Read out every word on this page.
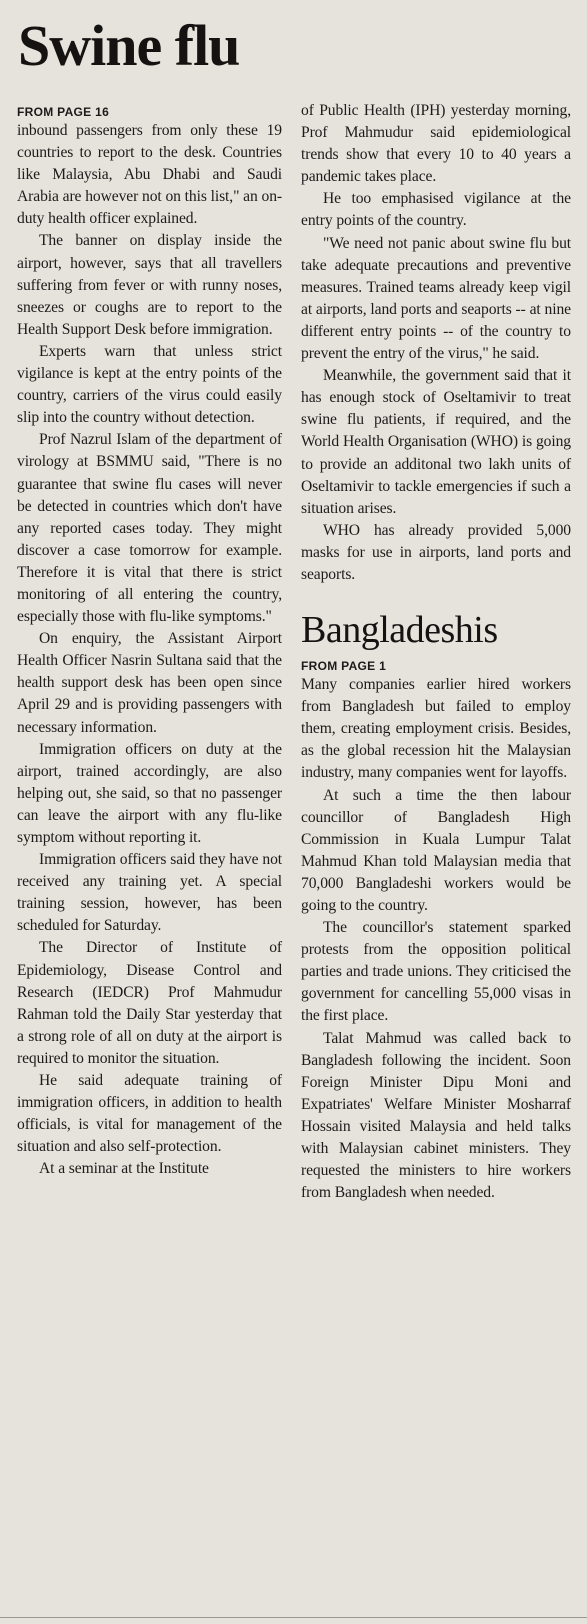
Swine flu
FROM PAGE 16

inbound passengers from only these 19 countries to report to the desk. Countries like Malaysia, Abu Dhabi and Saudi Arabia are however not on this list," an on-duty health officer explained.

The banner on display inside the airport, however, says that all travellers suffering from fever or with runny noses, sneezes or coughs are to report to the Health Support Desk before immigration.

Experts warn that unless strict vigilance is kept at the entry points of the country, carriers of the virus could easily slip into the country without detection.

Prof Nazrul Islam of the department of virology at BSMMU said, "There is no guarantee that swine flu cases will never be detected in countries which don't have any reported cases today. They might discover a case tomorrow for example. Therefore it is vital that there is strict monitoring of all entering the country, especially those with flu-like symptoms."

On enquiry, the Assistant Airport Health Officer Nasrin Sultana said that the health support desk has been open since April 29 and is providing passengers with necessary information.

Immigration officers on duty at the airport, trained accordingly, are also helping out, she said, so that no passenger can leave the airport with any flu-like symptom without reporting it.

Immigration officers said they have not received any training yet. A special training session, however, has been scheduled for Saturday.

The Director of Institute of Epidemiology, Disease Control and Research (IEDCR) Prof Mahmudur Rahman told the Daily Star yesterday that a strong role of all on duty at the airport is required to monitor the situation.

He said adequate training of immigration officers, in addition to health officials, is vital for management of the situation and also self-protection.

At a seminar at the Institute

of Public Health (IPH) yesterday morning, Prof Mahmudur said epidemiological trends show that every 10 to 40 years a pandemic takes place.

He too emphasised vigilance at the entry points of the country.

"We need not panic about swine flu but take adequate precautions and preventive measures. Trained teams already keep vigil at airports, land ports and seaports -- at nine different entry points -- of the country to prevent the entry of the virus," he said.

Meanwhile, the government said that it has enough stock of Oseltamivir to treat swine flu patients, if required, and the World Health Organisation (WHO) is going to provide an additonal two lakh units of Oseltamivir to tackle emergencies if such a situation arises.

WHO has already provided 5,000 masks for use in airports, land ports and seaports.

Bangladeshis
FROM PAGE 1

Many companies earlier hired workers from Bangladesh but failed to employ them, creating employment crisis. Besides, as the global recession hit the Malaysian industry, many companies went for layoffs.

At such a time the then labour councillor of Bangladesh High Commission in Kuala Lumpur Talat Mahmud Khan told Malaysian media that 70,000 Bangladeshi workers would be going to the country.

The councillor's statement sparked protests from the opposition political parties and trade unions. They criticised the government for cancelling 55,000 visas in the first place.

Talat Mahmud was called back to Bangladesh following the incident. Soon Foreign Minister Dipu Moni and Expatriates' Welfare Minister Mosharraf Hossain visited Malaysia and held talks with Malaysian cabinet ministers. They requested the ministers to hire workers from Bangladesh when needed.
